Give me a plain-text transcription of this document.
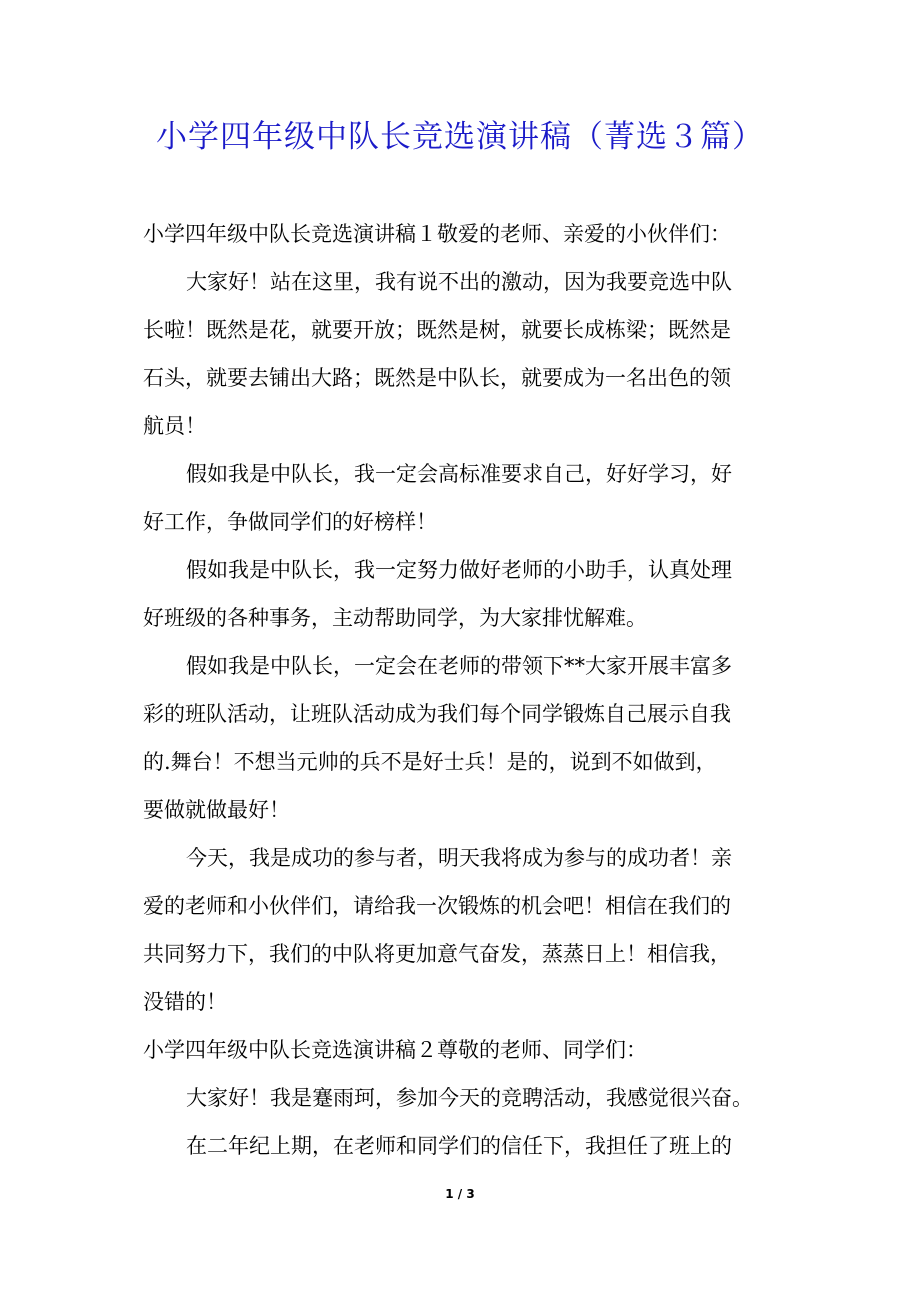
小学四年级中队长竞选演讲稿（菁选３篇）
小学四年级中队长竞选演讲稿１敬爱的老师、亲爱的小伙伴们：
大家好！站在这里，我有说不出的激动，因为我要竞选中队
长啦！既然是花，就要开放；既然是树，就要长成栋梁；既然是
石头，就要去铺出大路；既然是中队长，就要成为一名出色的领
航员！
假如我是中队长，我一定会高标准要求自己，好好学习，好
好工作，争做同学们的好榜样！
假如我是中队长，我一定努力做好老师的小助手，认真处理
好班级的各种事务，主动帮助同学，为大家排忧解难。
假如我是中队长，一定会在老师的带领下**大家开展丰富多
彩的班队活动，让班队活动成为我们每个同学锻炼自己展示自我
的.舞台！不想当元帅的兵不是好士兵！是的，说到不如做到，
要做就做最好！
今天，我是成功的参与者，明天我将成为参与的成功者！亲
爱的老师和小伙伴们，请给我一次锻炼的机会吧！相信在我们的
共同努力下，我们的中队将更加意气奋发，蒸蒸日上！相信我，
没错的！
小学四年级中队长竞选演讲稿２尊敬的老师、同学们：
大家好！我是蹇雨珂，参加今天的竞聘活动，我感觉很兴奋。
在二年纪上期，在老师和同学们的信任下，我担任了班上的
1 / 3
